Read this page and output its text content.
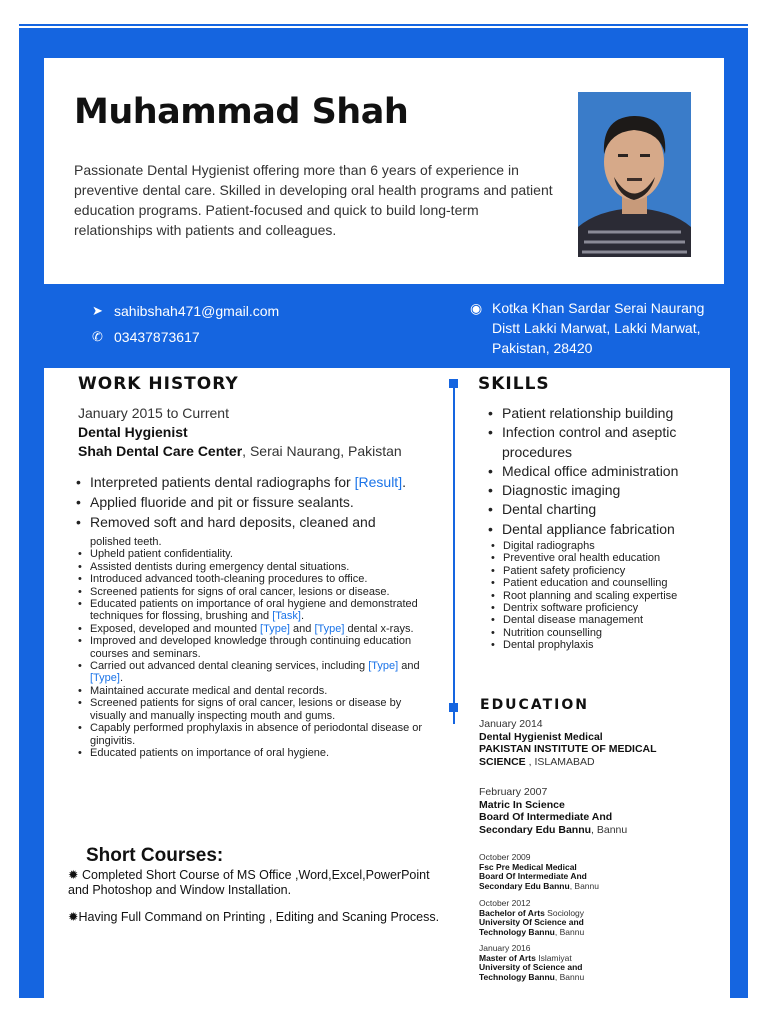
Muhammad Shah
Passionate Dental Hygienist offering more than 6 years of experience in preventive dental care. Skilled in developing oral health programs and patient education programs. Patient-focused and quick to build long-term relationships with patients and colleagues.
➤ sahibshah471@gmail.com
✆ 03437873617
◉ Kotka Khan Sardar Serai Naurang
Distt Lakki Marwat, Lakki Marwat,
Pakistan, 28420
WORK HISTORY	SKILLS
January 2015 to Current
Dental Hygienist
Shah Dental Care Center, Serai Naurang, Pakistan
• Interpreted patients dental radiographs for [Result].
• Applied fluoride and pit or fissure sealants.
• Removed soft and hard deposits, cleaned and
polished teeth.
• Upheld patient confidentiality.
• Assisted dentists during emergency dental situations.
• Introduced advanced tooth-cleaning procedures to office.
• Screened patients for signs of oral cancer, lesions or disease.
• Educated patients on importance of oral hygiene and demonstrated techniques for flossing, brushing and [Task].
• Exposed, developed and mounted [Type] and [Type] dental x-rays.
• Improved and developed knowledge through continuing education courses and seminars.
• Carried out advanced dental cleaning services, including [Type] and [Type].
• Maintained accurate medical and dental records.
• Screened patients for signs of oral cancer, lesions or disease by visually and manually inspecting mouth and gums.
• Capably performed prophylaxis in absence of periodontal disease or gingivitis.
• Educated patients on importance of oral hygiene.
• Patient relationship building
• Infection control and aseptic procedures
• Medical office administration
• Diagnostic imaging
• Dental charting
• Dental appliance fabrication
• Digital radiographs
• Preventive oral health education
• Patient safety proficiency
• Patient education and counselling
• Root planning and scaling expertise
• Dentrix software proficiency
• Dental disease management
• Nutrition counselling
• Dental prophylaxis
EDUCATION
January 2014
Dental Hygienist Medical
PAKISTAN INSTITUTE OF MEDICAL
SCIENCE , ISLAMABAD
February 2007
Matric In Science
Board Of Intermediate And
Secondary Edu Bannu, Bannu
October 2009
Fsc Pre Medical Medical
Board Of Intermediate And
Secondary Edu Bannu, Bannu
October 2012
Bachelor of Arts Sociology
University Of Science and
Technology Bannu, Bannu
January 2016
Master of Arts Islamiyat
University of Science and
Technology Bannu, Bannu
Short Courses:
✹ Completed Short Course of MS Office ,Word,Excel,PowerPoint and Photoshop and Window Installation.
✹Having Full Command on Printing , Editing and Scaning Process.
